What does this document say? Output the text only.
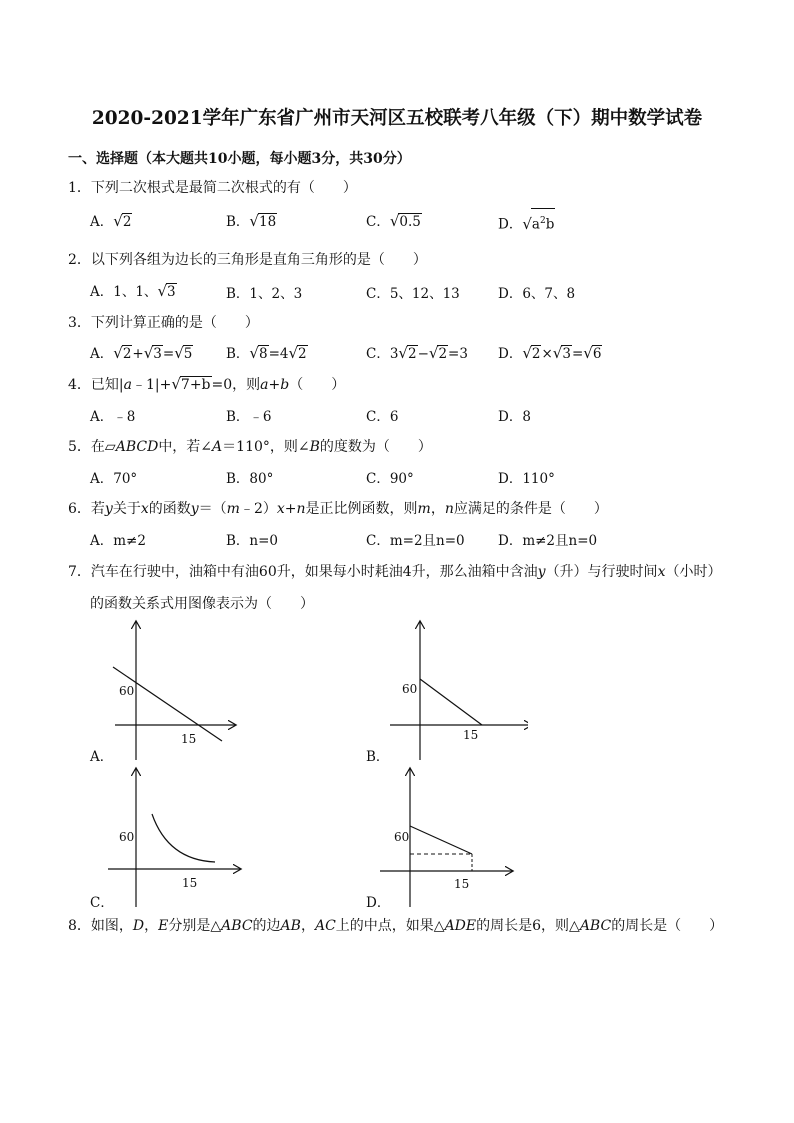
2020-2021学年广东省广州市天河区五校联考八年级（下）期中数学试卷
一、选择题（本大题共10小题，每小题3分，共30分）
1．下列二次根式是最简二次根式的有（　　）
A．√2	B．√18	C．√0.5	D．$√a^2b$
2．以下列各组为边长的三角形是直角三角形的是（　　）
A．1、1、√3	B．1、2、3	C．5、12、13	D．6、7、8
3．下列计算正确的是（　　）
A．√2+√3=√5 B．√8=4√2	C．3√2−√2=3 D．√2×√3=√6
4．已知|a﹣1|+√7+b=0，则a+b（　　）
A．﹣8	B．﹣6	C．6	D．8
5．在▱ABCD中，若∠A＝110°，则∠B的度数为（　　）
A．70°	B．80°	C．90°	D．110°
6．若y关于x的函数y＝（m﹣2）x+n是正比例函数，则m，n应满足的条件是（　　）
A．m≠2	B．n=0	C．m=2且n=0 D．m≠2且n=0
7．汽车在行驶中，油箱中有油60升，如果每小时耗油4升，那么油箱中含油y（升）与行驶时间x（小时）
的函数关系式用图像表示为（　　）
60
15
A．
60
15
B．
60
15
C．
60
15
D．
8．如图，D，E分别是△ABC的边AB，AC上的中点，如果△ADE的周长是6，则△ABC的周长是（　　）
